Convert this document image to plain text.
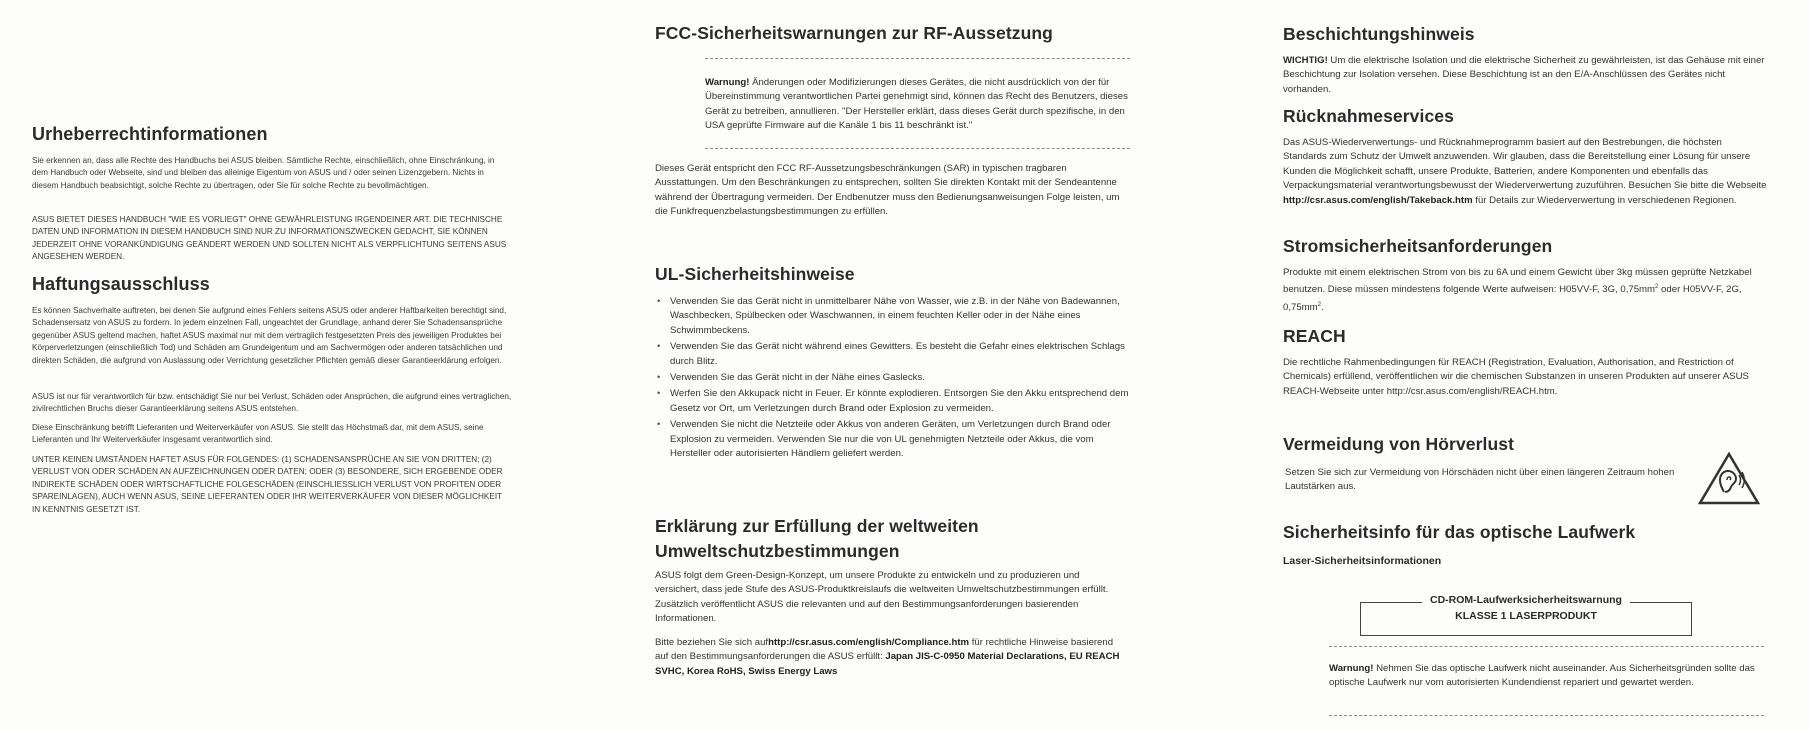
Urheberrechtinformationen

Sie erkennen an, dass alle Rechte des Handbuchs bei ASUS bleiben. Sämtliche Rechte, einschließlich, ohne Einschränkung, in dem Handbuch oder Webseite, sind und bleiben das alleinige Eigentum von ASUS und / oder seinen Lizenzgebern. Nichts in diesem Handbuch beabsichtigt, solche Rechte zu übertragen, oder Sie für solche Rechte zu bevollmächtigen.

ASUS BIETET DIESES HANDBUCH "WIE ES VORLIEGT" OHNE GEWÄHRLEISTUNG IRGENDEINER ART. DIE TECHNISCHE DATEN UND INFORMATION IN DIESEM HANDBUCH SIND NUR ZU INFORMATIONSZWECKEN GEDACHT, SIE KÖNNEN JEDERZEIT OHNE VORANKÜNDIGUNG GEÄNDERT WERDEN UND SOLLTEN NICHT ALS VERPFLICHTUNG SEITENS ASUS ANGESEHEN WERDEN.

Haftungsausschluss

Es können Sachverhalte auftreten, bei denen Sie aufgrund eines Fehlers seitens ASUS oder anderer Haftbarkeiten berechtigt sind, Schadensersatz von ASUS zu fordern. In jedem einzelnen Fall, ungeachtet der Grundlage, anhand derer Sie Schadensansprüche gegenüber ASUS geltend machen, haftet ASUS maximal nur mit dem vertraglich festgesetzten Preis des jeweiligen Produktes bei Körperverletzungen (einschließlich Tod) und Schäden am Grundeigentum und am Sachvermögen oder anderen tatsächlichen und direkten Schäden, die aufgrund von Auslassung oder Verrichtung gesetzlicher Pflichten gemäß dieser Garantieerklärung erfolgen.

ASUS ist nur für verantwortlich für bzw. entschädigt Sie nur bei Verlust, Schäden oder Ansprüchen, die aufgrund eines vertraglichen, zivilrechtlichen Bruchs dieser Garantieerklärung seitens ASUS entstehen.

Diese Einschränkung betrifft Lieferanten und Weiterverkäufer von ASUS. Sie stellt das Höchstmaß dar, mit dem ASUS, seine Lieferanten und Ihr Weiterverkäufer insgesamt verantwortlich sind.

UNTER KEINEN UMSTÄNDEN HAFTET ASUS FÜR FOLGENDES: (1) SCHADENSANSPRÜCHE AN SIE VON DRITTEN; (2) VERLUST VON ODER SCHÄDEN AN AUFZEICHNUNGEN ODER DATEN; ODER (3) BESONDERE, SICH ERGEBENDE ODER INDIREKTE SCHÄDEN ODER WIRTSCHAFTLICHE FOLGESCHÄDEN (EINSCHLIESSLICH VERLUST VON PROFITEN ODER SPAREINLAGEN), AUCH WENN ASUS, SEINE LIEFERANTEN ODER IHR WEITERVERKÄUFER VON DIESER MÖGLICHKEIT IN KENNTNIS GESETZT IST.

FCC-Sicherheitswarnungen zur RF-Aussetzung

Warnung! Änderungen oder Modifizierungen dieses Gerätes, die nicht ausdrücklich von der für Übereinstimmung verantwortlichen Partei genehmigt sind, können das Recht des Benutzers, dieses Gerät zu betreiben, annullieren. "Der Hersteller erklärt, dass dieses Gerät durch spezifische, in den USA geprüfte Firmware auf die Kanäle 1 bis 11 beschränkt ist."

Dieses Gerät entspricht den FCC RF-Aussetzungsbeschränkungen (SAR) in typischen tragbaren Ausstattungen. Um den Beschränkungen zu entsprechen, sollten Sie direkten Kontakt mit der Sendeantenne während der Übertragung vermeiden. Der Endbenutzer muss den Bedienungsanweisungen Folge leisten, um die Funkfrequenzbelastungsbestimmungen zu erfüllen.

UL-Sicherheitshinweise
• Verwenden Sie das Gerät nicht in unmittelbarer Nähe von Wasser, wie z.B. in der Nähe von Badewannen, Waschbecken, Spülbecken oder Waschwannen, in einem feuchten Keller oder in der Nähe eines Schwimmbeckens.
• Verwenden Sie das Gerät nicht während eines Gewitters. Es besteht die Gefahr eines elektrischen Schlags durch Blitz.
• Verwenden Sie das Gerät nicht in der Nähe eines Gaslecks.
• Werfen Sie den Akkupack nicht in Feuer. Er könnte explodieren. Entsorgen Sie den Akku entsprechend dem Gesetz vor Ort, um Verletzungen durch Brand oder Explosion zu vermeiden.
• Verwenden Sie nicht die Netzteile oder Akkus von anderen Geräten, um Verletzungen durch Brand oder Explosion zu vermeiden. Verwenden Sie nur die von UL genehmigten Netzteile oder Akkus, die vom Hersteller oder autorisierten Händlern geliefert werden.
Erklärung zur Erfüllung der weltweiten
Umweltschutzbestimmungen

ASUS folgt dem Green-Design-Konzept, um unsere Produkte zu entwickeln und zu produzieren und versichert, dass jede Stufe des ASUS-Produktkreislaufs die weltweiten Umweltschutzbestimmungen erfüllt. Zusätzlich veröffentlicht ASUS die relevanten und auf den Bestimmungsanforderungen basierenden Informationen.

Bitte beziehen Sie sich aufhttp://csr.asus.com/english/Compliance.htm für rechtliche Hinweise basierend auf den Bestimmungsanforderungen die ASUS erfüllt: Japan JIS-C-0950 Material Declarations, EU REACH SVHC, Korea RoHS, Swiss Energy Laws

Beschichtungshinweis

WICHTIG! Um die elektrische Isolation und die elektrische Sicherheit zu gewährleisten, ist das Gehäuse mit einer Beschichtung zur Isolation versehen. Diese Beschichtung ist an den E/A-Anschlüssen des Gerätes nicht vorhanden.

Rücknahmeservices

Das ASUS-Wiederverwertungs- und Rücknahmeprogramm basiert auf den Bestrebungen, die höchsten Standards zum Schutz der Umwelt anzuwenden. Wir glauben, dass die Bereitstellung einer Lösung für unsere Kunden die Möglichkeit schafft, unsere Produkte, Batterien, andere Komponenten und ebenfalls das Verpackungsmaterial verantwortungsbewusst der Wiederverwertung zuzuführen. Besuchen Sie bitte die Webseite http://csr.asus.com/english/Takeback.htm für Details zur Wiederverwertung in verschiedenen Regionen.

Stromsicherheitsanforderungen

Produkte mit einem elektrischen Strom von bis zu 6A und einem Gewicht über 3kg müssen geprüfte Netzkabel benutzen. Diese müssen mindestens folgende Werte aufweisen: H05VV-F, 3G, $0,75mm^2$ oder H05VV-F, 2G, $0,75mm^2$.

REACH

Die rechtliche Rahmenbedingungen für REACH (Registration, Evaluation, Authorisation, and Restriction of Chemicals) erfüllend, veröffentlichen wir die chemischen Substanzen in unseren Produkten auf unserer ASUS REACH-Webseite unter http://csr.asus.com/english/REACH.htm.

Vermeidung von Hörverlust

Setzen Sie sich zur Vermeidung von Hörschäden nicht über einen längeren Zeitraum hohen Lautstärken aus.

Sicherheitsinfo für das optische Laufwerk

Laser-Sicherheitsinformationen

CD-ROM-Laufwerksicherheitswarnung
KLASSE 1 LASERPRODUKT

Warnung! Nehmen Sie das optische Laufwerk nicht auseinander. Aus Sicherheitsgründen sollte das optische Laufwerk nur vom autorisierten Kundendienst repariert und gewartet werden.
